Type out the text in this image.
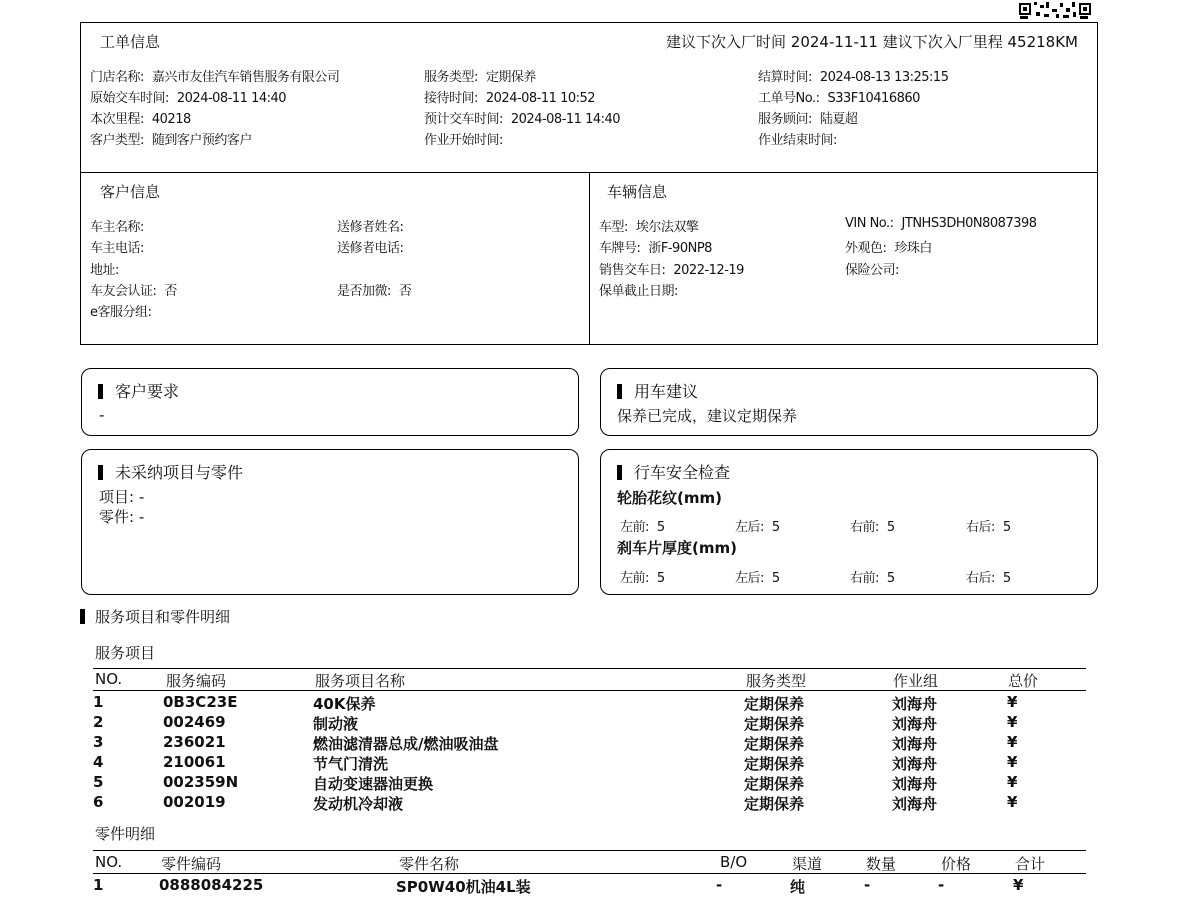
工单信息	建议下次入厂时间 2024-11-11 建议下次入厂里程 45218KM
门店名称: 嘉兴市友佳汽车销售服务有限公司	服务类型: 定期保养	结算时间: 2024-08-13 13:25:15
原始交车时间: 2024-08-11 14:40	接待时间: 2024-08-11 10:52	工单号No.: S33F10416860
本次里程: 40218	预计交车时间: 2024-08-11 14:40	服务顾问: 陆夏超
客户类型: 随到客户预约客户	作业开始时间:	作业结束时间:
客户信息
车主名称:	送修者姓名:
车主电话:	送修者电话:
地址:
车友会认证: 否	是否加微: 否
e客服分组:
车辆信息
车型: 埃尔法双擎	VIN No.: JTNHS3DH0N8087398
车牌号: 浙F-90NP8	外观色: 珍珠白
销售交车日: 2022-12-19	保险公司:
保单截止日期:
客户要求
-
用车建议
保养已完成，建议定期保养
未采纳项目与零件
项目: -
零件: -
行车安全检查
轮胎花纹(mm)
左前: 5	左后: 5	右前: 5	右后: 5
刹车片厚度(mm)
左前: 5	左后: 5	右前: 5	右后: 5
服务项目和零件明细
服务项目
NO.	服务编码	服务项目名称	服务类型	作业组	总价
1	0B3C23E	40K保养	定期保养	刘海舟	¥
2	002469	制动液	定期保养	刘海舟	¥
3	236021	燃油滤清器总成/燃油吸油盘	定期保养	刘海舟	¥
4	210061	节气门清洗	定期保养	刘海舟	¥
5	002359N	自动变速器油更换	定期保养	刘海舟	¥
6	002019	发动机冷却液	定期保养	刘海舟	¥
零件明细
NO.	零件编码	零件名称	B/O	渠道	数量	价格	合计
1	0888084225	SP0W40机油4L装	-	纯	-	-	¥
